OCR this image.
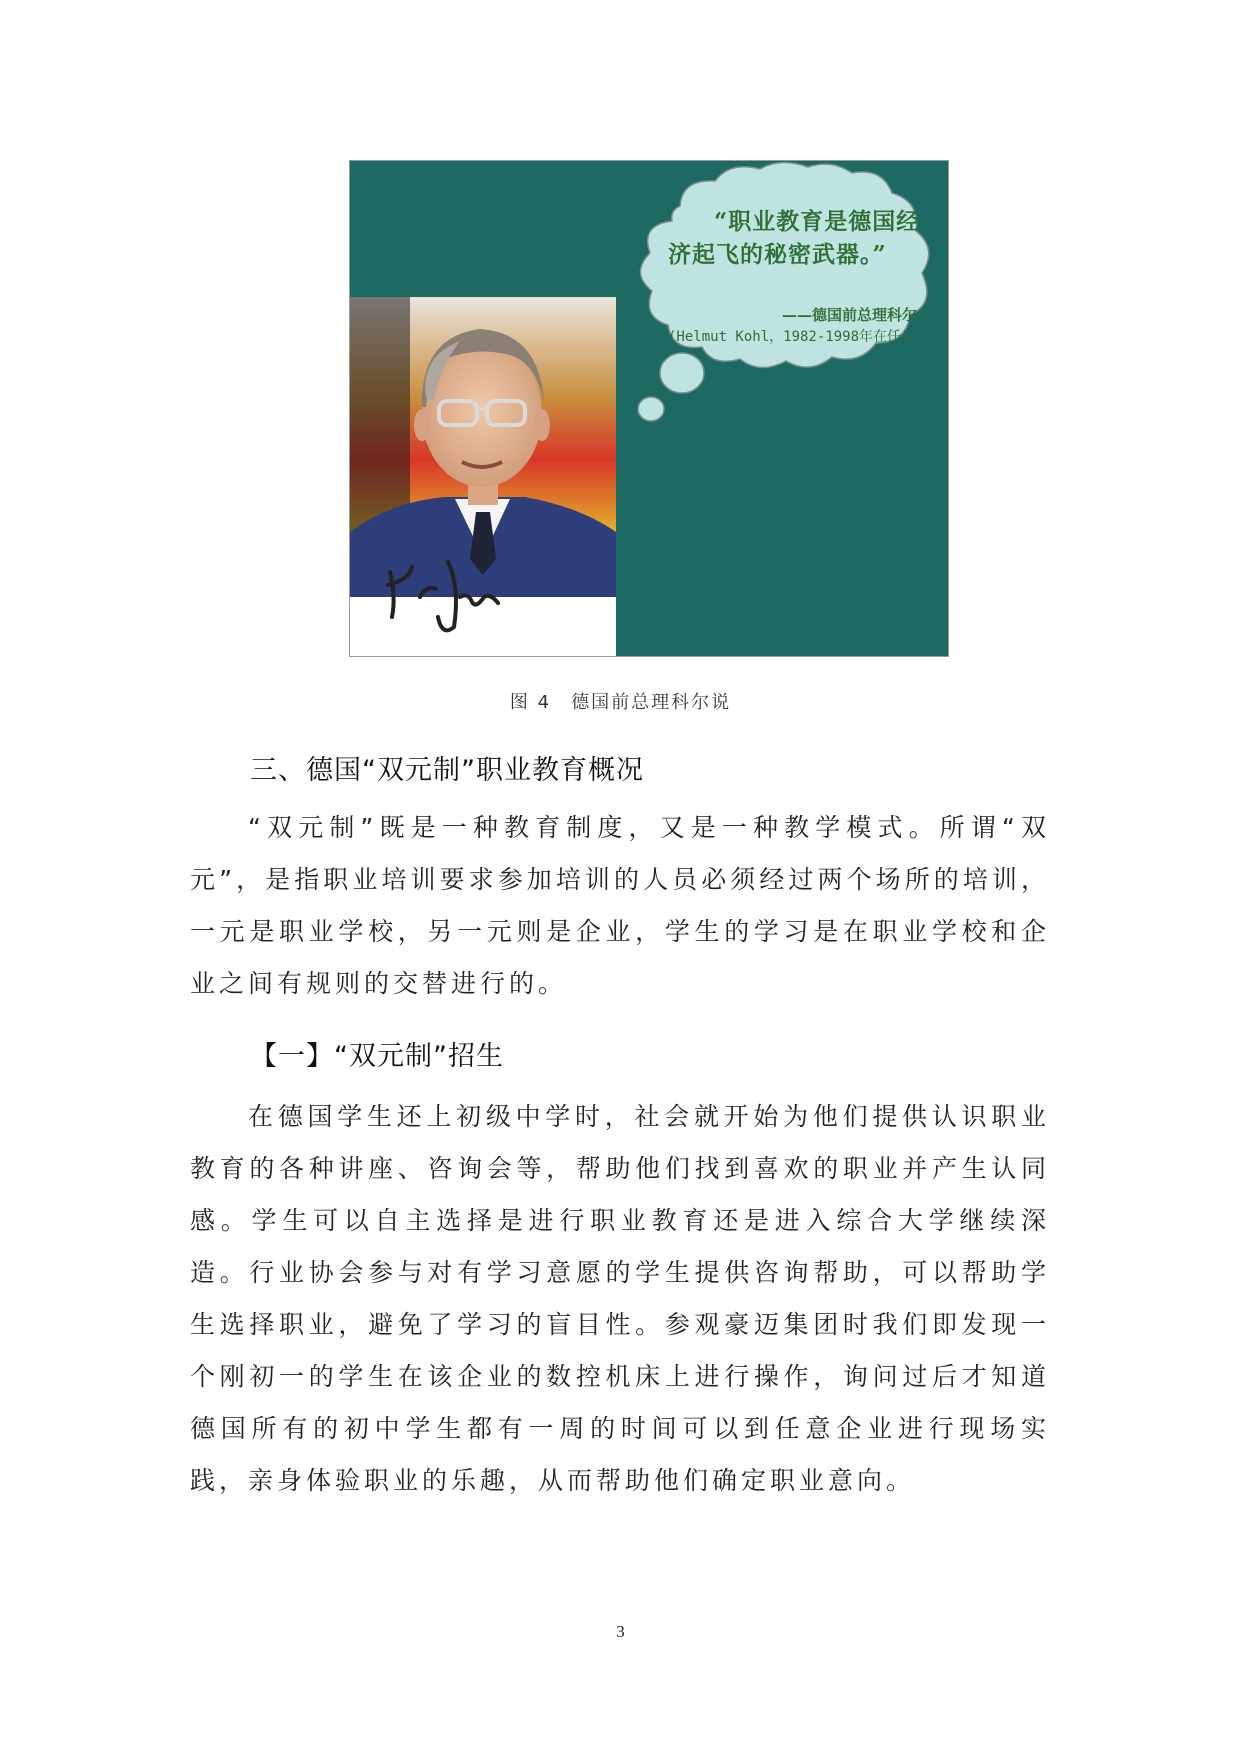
“职业教育是德国经济起飞的秘密武器。”
——德国前总理科尔
(Helmut Kohl，1982-1998年在任)
图 4　德国前总理科尔说
三、德国“双元制”职业教育概况
“双元制”既是一种教育制度，又是一种教学模式。所谓“双元”，是指职业培训要求参加培训的人员必须经过两个场所的培训，一元是职业学校，另一元则是企业，学生的学习是在职业学校和企业之间有规则的交替进行的。
【一】“双元制”招生
在德国学生还上初级中学时，社会就开始为他们提供认识职业教育的各种讲座、咨询会等，帮助他们找到喜欢的职业并产生认同感。学生可以自主选择是进行职业教育还是进入综合大学继续深造。行业协会参与对有学习意愿的学生提供咨询帮助，可以帮助学生选择职业，避免了学习的盲目性。参观豪迈集团时我们即发现一个刚初一的学生在该企业的数控机床上进行操作，询问过后才知道德国所有的初中学生都有一周的时间可以到任意企业进行现场实践，亲身体验职业的乐趣，从而帮助他们确定职业意向。
3
